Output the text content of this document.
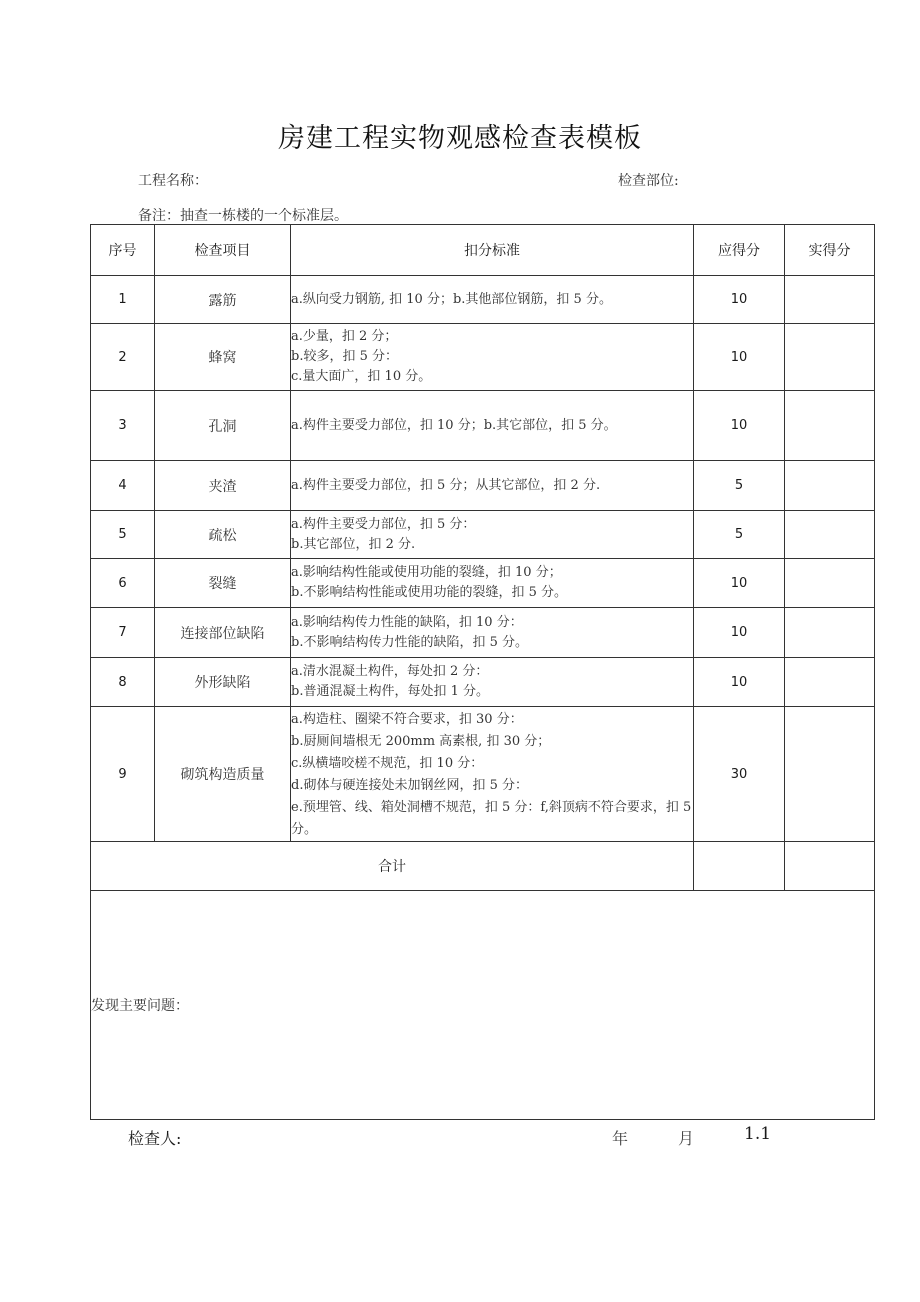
房建工程实物观感检查表模板
工程名称：	检查部位:
备注：抽查一栋楼的一个标准层。
序号	检查项目	扣分标准	应得分	实得分
1	露筋	a.纵向受力钢筋, 扣 10 分；b.其他部位钢筋，扣 5 分。	10	
2	蜂窝	a.少量，扣 2 分；
b.较多，扣 5 分：
c.量大面广，扣 10 分。	10	
3	孔洞	a.构件主要受力部位，扣 10 分；b.其它部位，扣 5 分。	10	
4	夹渣	a.构件主要受力部位，扣 5 分；从其它部位，扣 2 分.	5	
5	疏松	a.构件主要受力部位，扣 5 分：
b.其它部位，扣 2 分.	5	
6	裂缝	a.影响结构性能或使用功能的裂缝，扣 10 分；
b.不影响结构性能或使用功能的裂缝，扣 5 分。	10	
7	连接部位缺陷	a.影响结构传力性能的缺陷，扣 10 分：
b.不影响结构传力性能的缺陷，扣 5 分。	10	
8	外形缺陷	a.清水混凝土构件，每处扣 2 分：
b.普通混凝土构件，每处扣 1 分。	10	
9	砌筑构造质量	a.构造柱、圈梁不符合要求，扣 30 分：
b.厨厕间墙根无 200mm 高素根, 扣 30 分；
c.纵横墙咬槎不规范，扣 10 分：
d.砌体与硬连接处未加钢丝网，扣 5 分：
e.预埋管、线、箱处洞槽不规范，扣 5 分：f,斜顶病不符合要求，扣 5 分。	30	
合计				
发现主要问题：				
检查人:	年	月	1.1
